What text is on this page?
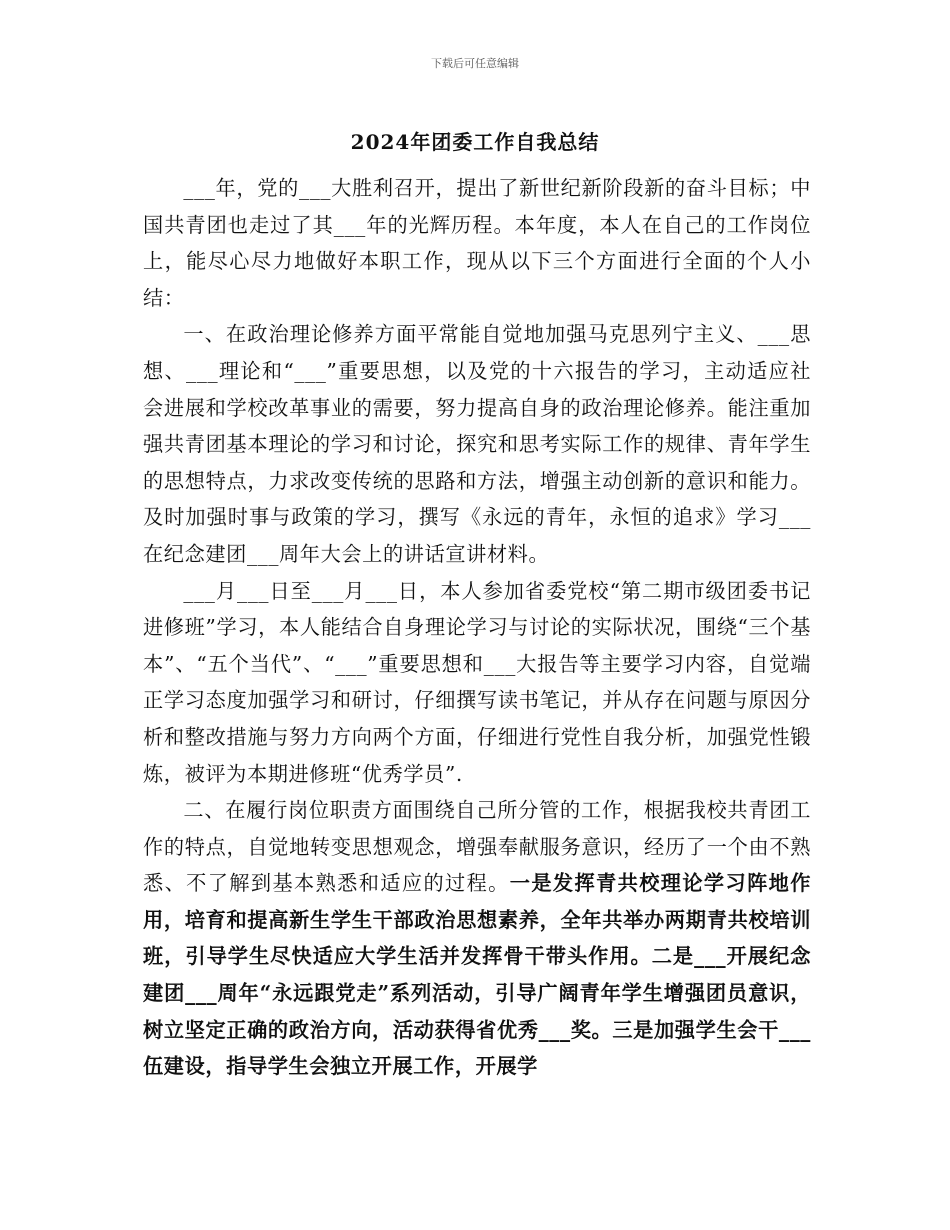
下载后可任意编辑
2024年团委工作自我总结

___年，党的___大胜利召开，提出了新世纪新阶段新的奋斗目标；中国共青团也走过了其___年的光辉历程。本年度，本人在自己的工作岗位上，能尽心尽力地做好本职工作，现从以下三个方面进行全面的个人小结：

一、在政治理论修养方面平常能自觉地加强马克思列宁主义、___思想、___理论和“___”重要思想，以及党的十六报告的学习，主动适应社会进展和学校改革事业的需要，努力提高自身的政治理论修养。能注重加强共青团基本理论的学习和讨论，探究和思考实际工作的规律、青年学生的思想特点，力求改变传统的思路和方法，增强主动创新的意识和能力。及时加强时事与政策的学习，撰写《永远的青年，永恒的追求》学习___在纪念建团___周年大会上的讲话宣讲材料。

___月___日至___月___日，本人参加省委党校“第二期市级团委书记进修班”学习，本人能结合自身理论学习与讨论的实际状况，围绕“三个基本”、“五个当代”、“___”重要思想和___大报告等主要学习内容，自觉端正学习态度加强学习和研讨，仔细撰写读书笔记，并从存在问题与原因分析和整改措施与努力方向两个方面，仔细进行党性自我分析，加强党性锻炼，被评为本期进修班“优秀学员”.

二、在履行岗位职责方面围绕自己所分管的工作，根据我校共青团工作的特点，自觉地转变思想观念，增强奉献服务意识，经历了一个由不熟悉、不了解到基本熟悉和适应的过程。一是发挥青共校理论学习阵地作用，培育和提高新生学生干部政治思想素养，全年共举办两期青共校培训班，引导学生尽快适应大学生活并发挥骨干带头作用。二是___开展纪念建团___周年“永远跟党走”系列活动，引导广阔青年学生增强团员意识，树立坚定正确的政治方向，活动获得省优秀___奖。三是加强学生会干___伍建设，指导学生会独立开展工作，开展学
